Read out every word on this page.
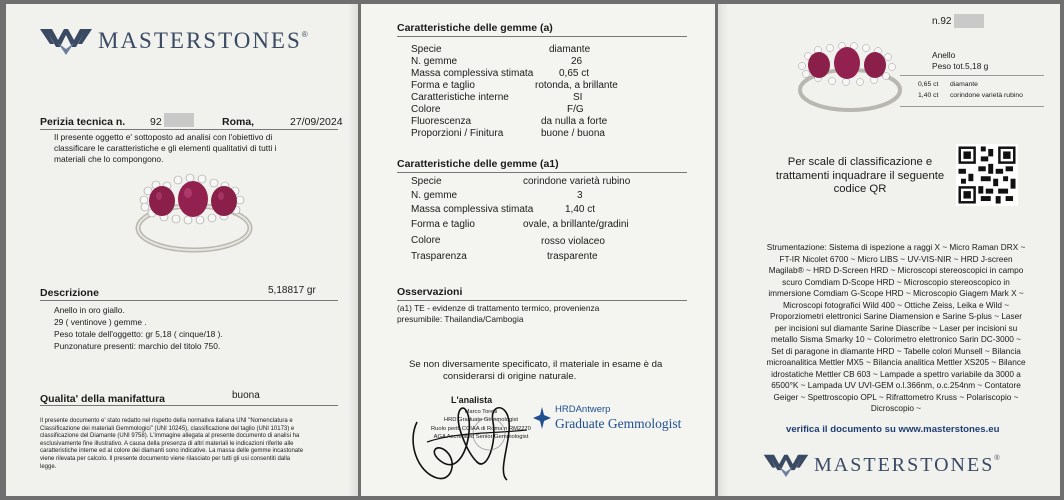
MASTERSTONES ®
Perizia tecnica n. 92	Roma,	27/09/2024
Il presente oggetto e' sottoposto ad analisi con l'obiettivo di
classificare le caratteristiche e gli elementi qualitativi di tutti i
materiali che lo compongono.
Descrizione	5,18817 gr
Anello in oro giallo.
29 ( ventinove ) gemme .
Peso totale dell'oggetto: gr 5,18 ( cinque/18 ).
Punzonature presenti: marchio del titolo 750.
Qualita' della manifattura	buona
Il presente documento e' stato redatto nel rispetto della normativa italiana UNI "Nomenclatura e Classificazione dei materiali Gemmologici" (UNI 10245), classificazione del taglio (UNI 10173) e classificazione del Diamante (UNI 9758). L'immagine allegata al presente documento di analisi ha esclusivamente fine illustrativo. A causa della presenza di altri materiali le indicazioni riferite alle caratteristiche interne ed al colore dei diamanti sono indicative. La massa delle gemme incastonate viene rilevata per calcolo. Il presente documento viene rilasciato per tutti gli usi consentiti dalla legge.
Caratteristiche delle gemme (a)
Specie	diamante
N. gemme	26
Massa complessiva stimata	0,65 ct
Forma e taglio	rotonda, a brillante
Caratteristiche interne	SI
Colore	F/G
Fluorescenza	da nulla a forte
Proporzioni / Finitura	buone / buona
Caratteristiche delle gemme (a1)
Specie	corindone varietà rubino
N. gemme	3
Massa complessiva stimata	1,40 ct
Forma e taglio	ovale, a brillante/gradini
Colore	rosso violaceo
Trasparenza	trasparente
Osservazioni
(a1) TE - evidenze di trattamento termico, provenienza
presumibile: Thailandia/Cambogia
Se non diversamente specificato, il materiale in esame è da
considerarsi di origine naturale.
L'analista
Marco Torelli
HRD Graduate Gemmologist
Ruolo periti CCIAA di Roma n RM2270
AGA Accredited Senior Gemmologist
HRDAntwerp
Graduate Gemmologist
n.92
Anello
Peso tot.5,18 g
0,65 ct diamante
1,40 ct corindone varietà rubino
Per scale di classificazione e
trattamenti inquadrare il seguente
codice QR
Strumentazione: Sistema di ispezione a raggi X ~ Micro Raman DRX ~
FT-IR Nicolet 6700 ~ Micro LIBS ~ UV-VIS-NIR ~ HRD J-screen
Magilab® ~ HRD D-Screen HRD ~ Microscopi stereoscopici in campo
scuro Comdiam D-Scope HRD ~ Microscopio stereoscopico in
immersione Comdiam G-Scope HRD ~ Microscopio Giagem Mark X ~
Microscopi fotografici Wild 400 ~ Ottiche Zeiss, Leika e Wild ~
Proporziometri elettronici Sarine Diamension e Sarine S-plus ~ Laser
per incisioni sul diamante Sarine Diascribe ~ Laser per incisioni su
metallo Sisma Smarky 10 ~ Colorimetro elettronico Sarin DC-3000 ~
Set di paragone in diamante HRD ~ Tabelle colori Munsell ~ Bilancia
microanalitica Mettler MX5 ~ Bilancia analitica Mettler XS205 ~ Bilance
idrostatiche Mettler CB 603 ~ Lampade a spettro variabile da 3000 a
6500°K ~ Lampada UV UVI-GEM o.l.366nm, o.c.254nm ~ Contatore
Geiger ~ Spettroscopio OPL ~ Rifrattometro Kruss ~ Polariscopio ~
Dicroscopio ~
verifica il documento su www.masterstones.eu
MASTERSTONES ®
